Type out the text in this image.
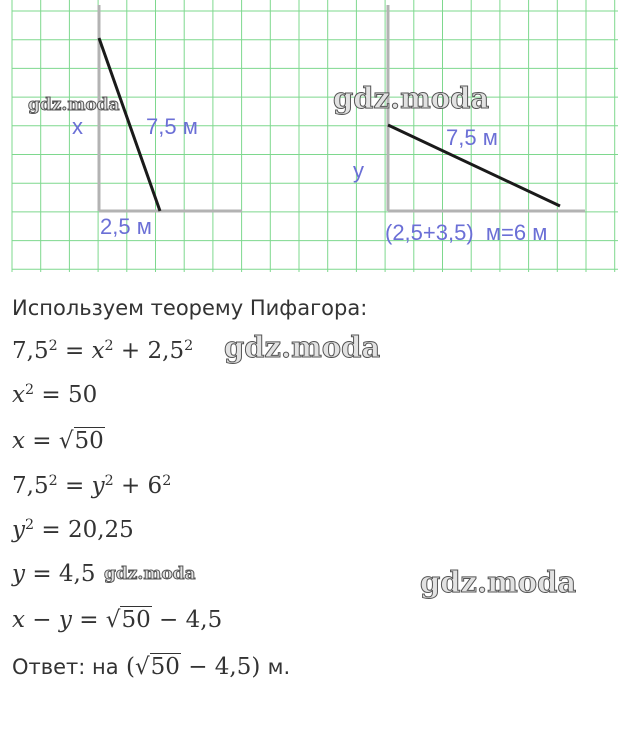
x	7,5 м
2,5 м
y
7,5 м
(2,5+3,5)  м=6 м
gdz.moda	gdz.moda
gdz.moda
gdz.moda	gdz.moda
Используем теорему Пифагора:
$7,5^2 = x^2 + 2,5^2$
$x^2 = 50$
x = √50
$7,5^2 = y^2 + 6^2$
$y^2 = 20,25$
y = 4,5
x − y = √50 − 4,5
Ответ: на (√50 − 4,5) м.
